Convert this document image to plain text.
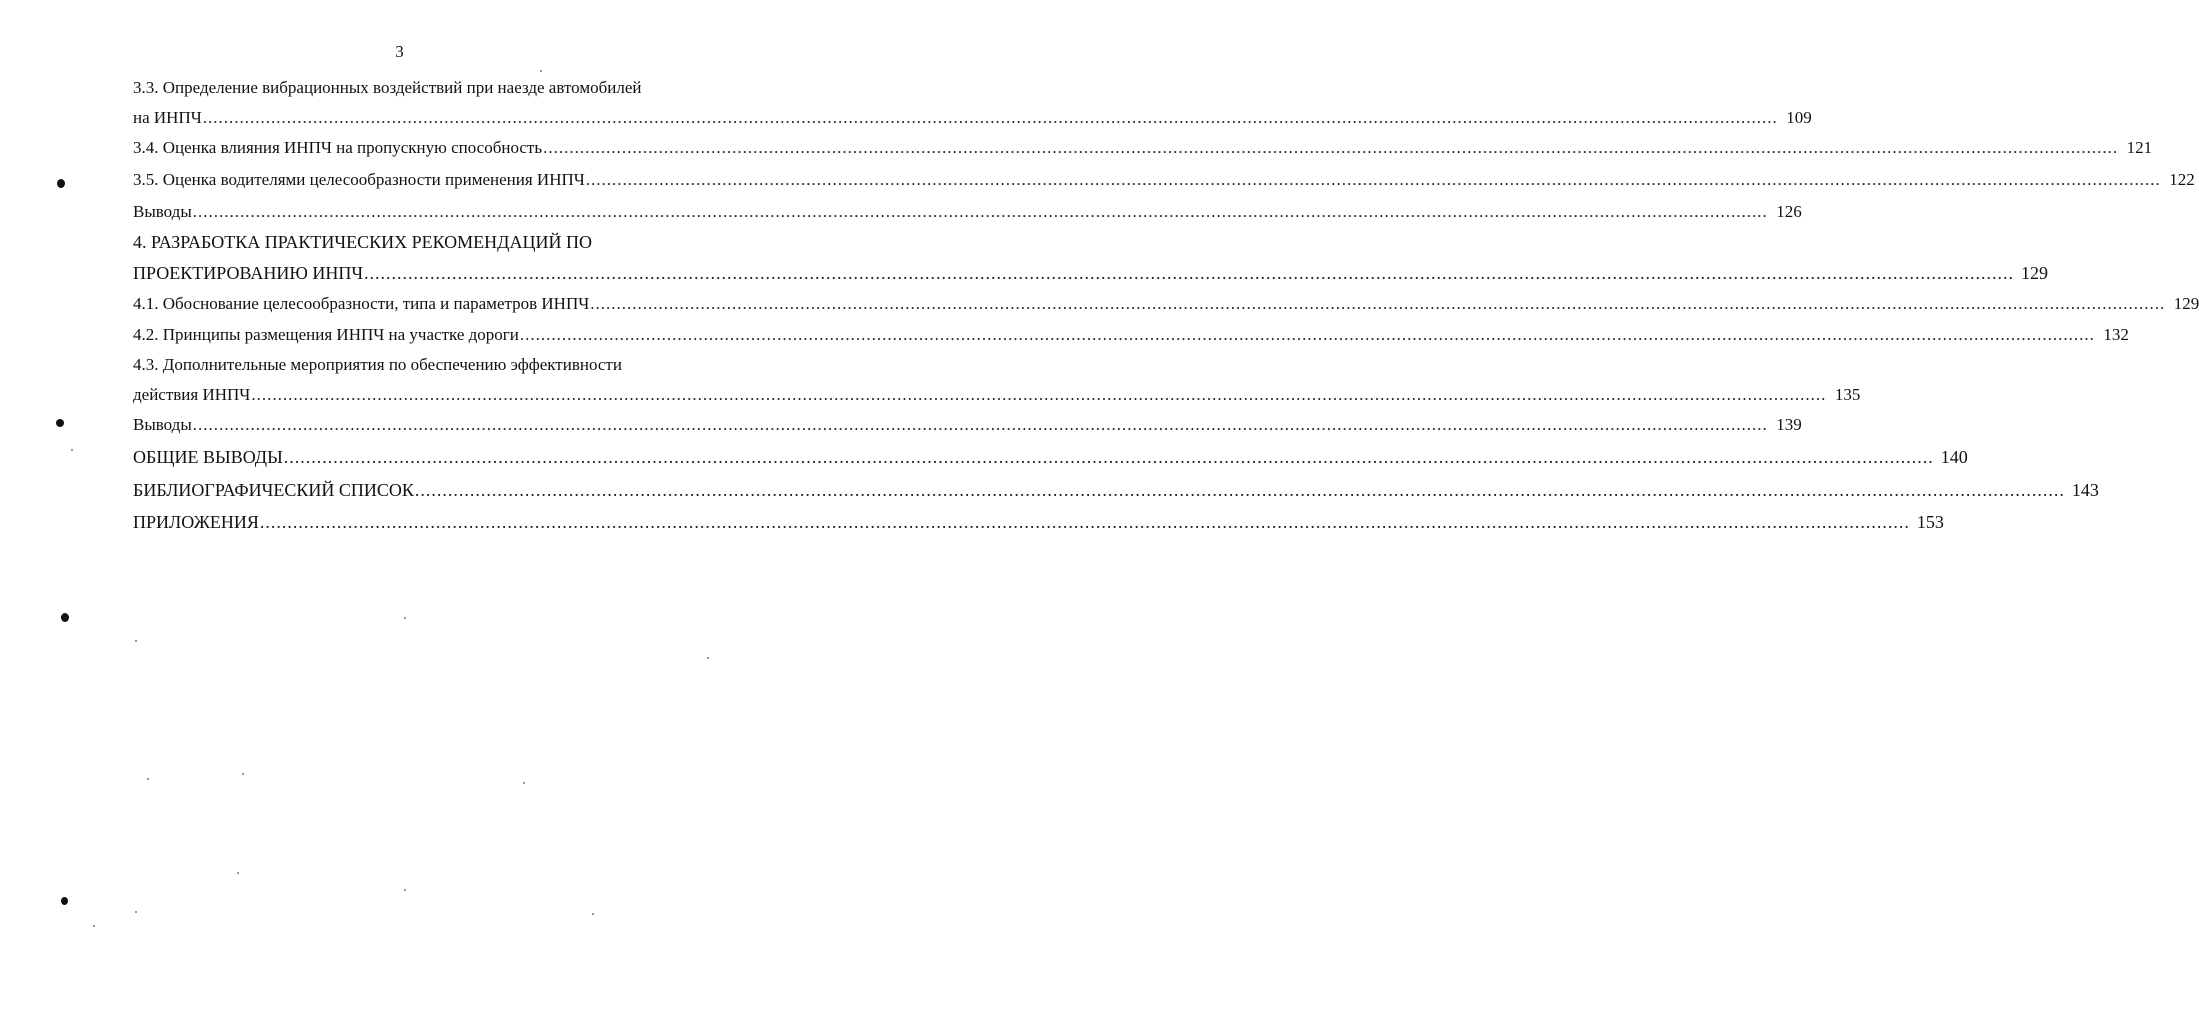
3
3.3. Определение вибрационных воздействий при наезде автомобилей
на ИНПЧ ............................................................................................................................................................................................................................................................................................................ 109
3.4. Оценка влияния ИНПЧ на пропускную способность ............................................................................................................................................................................................................................................................................................................ 121
3.5. Оценка водителями целесообразности применения ИНПЧ ............................................................................................................................................................................................................................................................................................................ 122
Выводы ............................................................................................................................................................................................................................................................................................................ 126
4. РАЗРАБОТКА ПРАКТИЧЕСКИХ РЕКОМЕНДАЦИЙ ПО
ПРОЕКТИРОВАНИЮ ИНПЧ ............................................................................................................................................................................................................................................................................................................ 129
4.1. Обоснование целесообразности, типа и параметров ИНПЧ ............................................................................................................................................................................................................................................................................................................ 129
4.2. Принципы размещения ИНПЧ на участке дороги ............................................................................................................................................................................................................................................................................................................ 132
4.3. Дополнительные мероприятия по обеспечению эффективности
действия ИНПЧ ............................................................................................................................................................................................................................................................................................................ 135
Выводы ............................................................................................................................................................................................................................................................................................................ 139
ОБЩИЕ ВЫВОДЫ ............................................................................................................................................................................................................................................................................................................ 140
БИБЛИОГРАФИЧЕСКИЙ СПИСОК ............................................................................................................................................................................................................................................................................................................ 143
ПРИЛОЖЕНИЯ ............................................................................................................................................................................................................................................................................................................ 153
